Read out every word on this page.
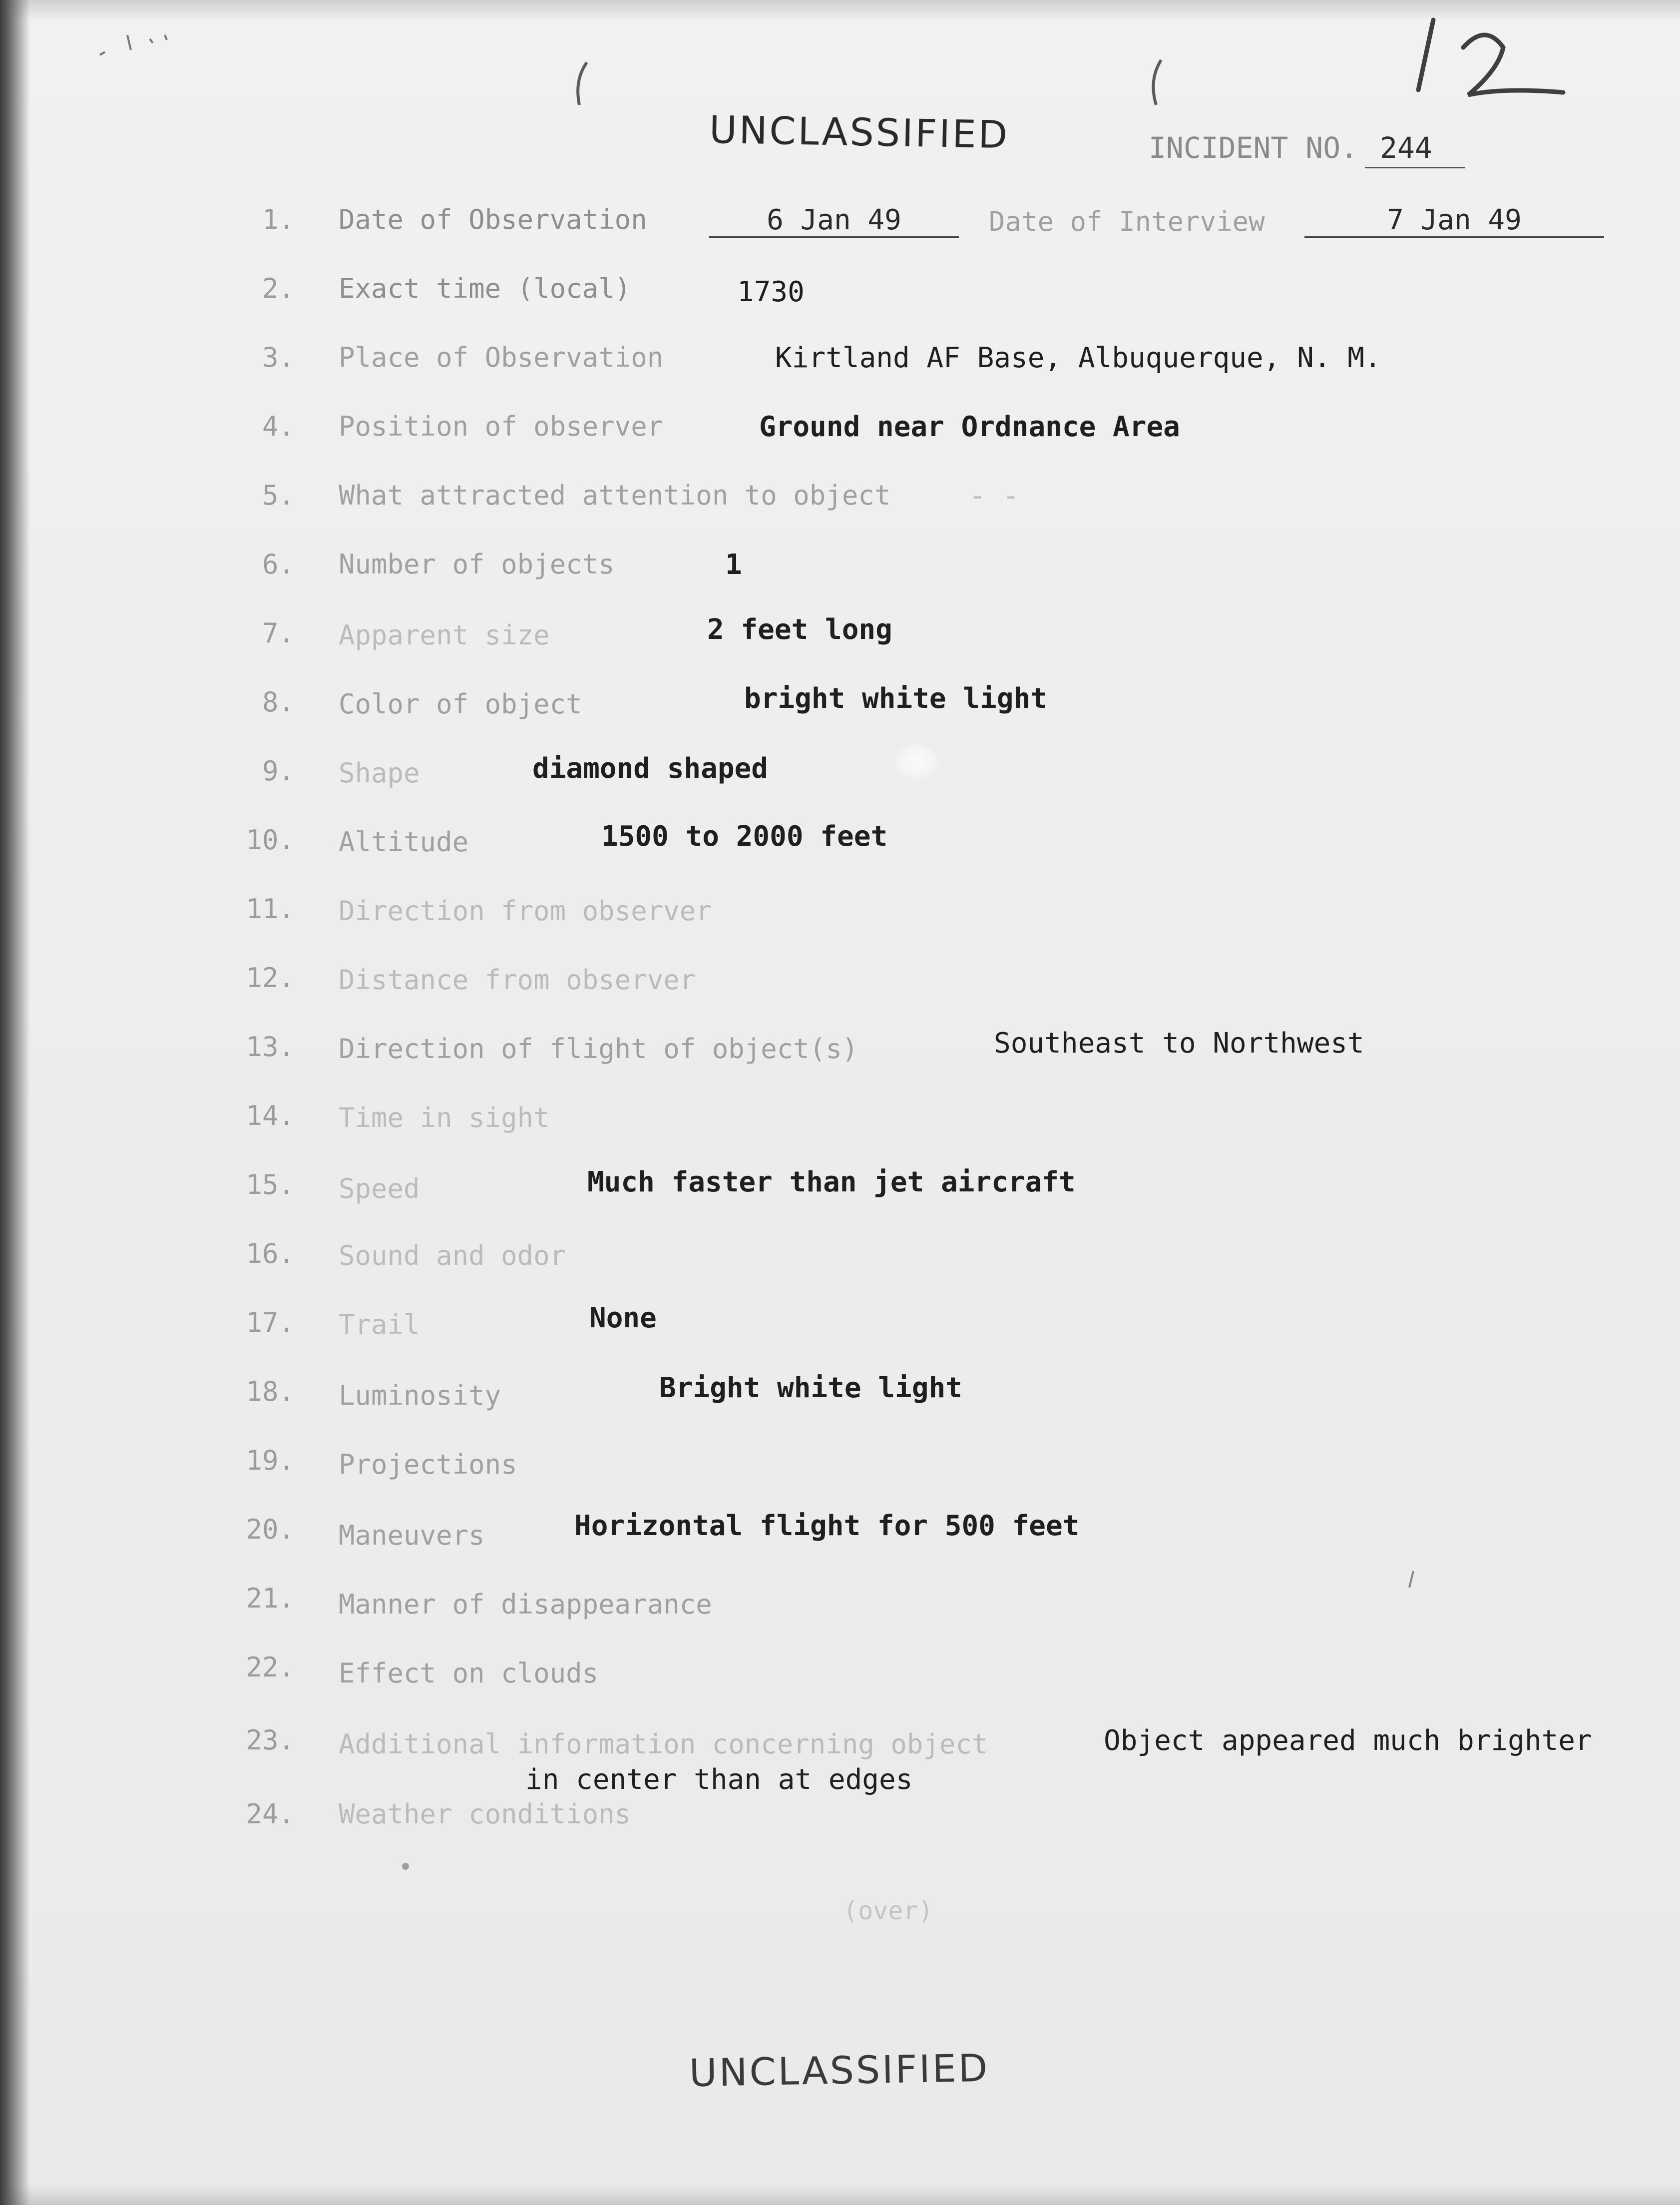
UNCLASSIFIED	INCIDENT NO. 244
1. Date of Observation	6 Jan 49	Date of Interview	7 Jan 49
2. Exact time (local)	1730
3. Place of Observation	Kirtland AF Base, Albuquerque, N. M.
4. Position of observer	Ground near Ordnance Area
5. What attracted attention to object	- -
6. Number of objects	1
7. Apparent size	2 feet long
8. Color of object	bright white light
9. Shape	diamond shaped
10. Altitude	1500 to 2000 feet
11. Direction from observer
12. Distance from observer
13. Direction of flight of object(s)	Southeast to Northwest
14. Time in sight
15. Speed	Much faster than jet aircraft
16. Sound and odor
17. Trail	None
18. Luminosity	Bright white light
19. Projections
20. Maneuvers	Horizontal flight for 500 feet
21. Manner of disappearance
22. Effect on clouds
23. Additional information concerning object	Object appeared much brighter
in center than at edges
24. Weather conditions
(over)
UNCLASSIFIED
